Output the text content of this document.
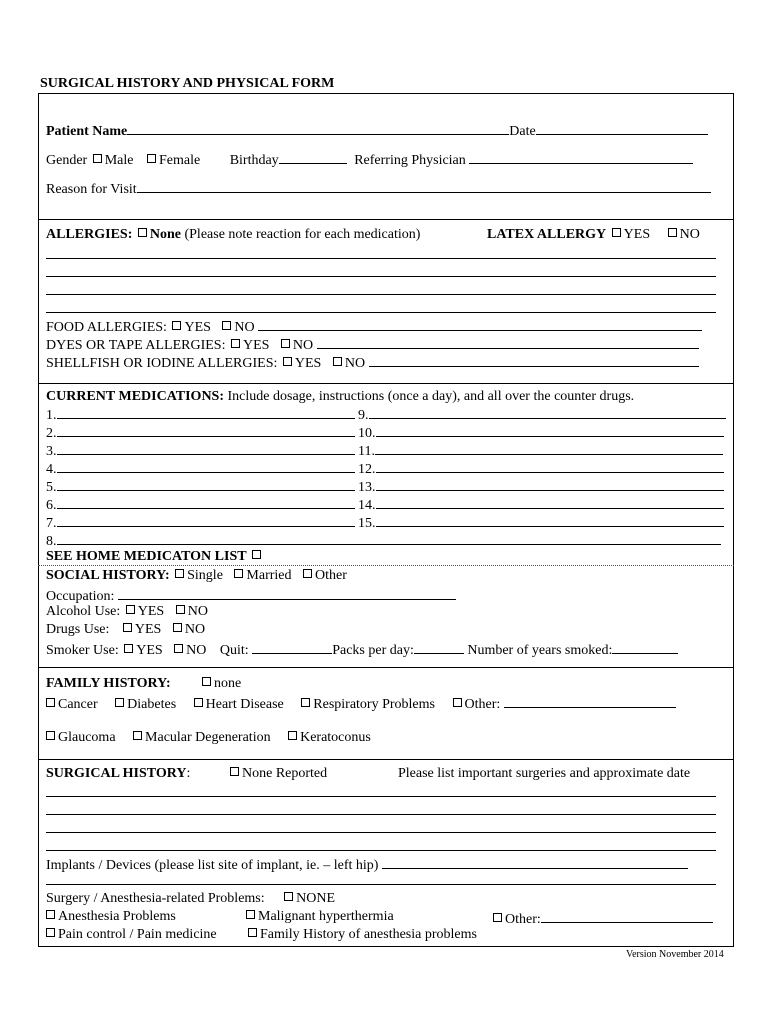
SURGICAL HISTORY AND PHYSICAL FORM
Patient Name	Date
Gender Male Female Birthday	Referring Physician
Reason for Visit
ALLERGIES: None (Please note reaction for each medication)	LATEX ALLERGY YES NO
FOOD ALLERGIES: YES NO
DYES OR TAPE ALLERGIES: YES NO
SHELLFISH OR IODINE ALLERGIES: YES NO
CURRENT MEDICATIONS: Include dosage, instructions (once a day), and all over the counter drugs.
1.	9.
2.	10.
3.	11.
4.	12.
5.	13.
6.	14.
7.	15.
8.
SEE HOME MEDICATON LIST
SOCIAL HISTORY: Single Married Other
Occupation:
Alcohol Use: YES NO
Drugs Use: YES NO
Smoker Use: YES NO Quit:	Packs per day:	Number of years smoked:
FAMILY HISTORY:	none
Cancer Diabetes Heart Disease Respiratory Problems Other:
Glaucoma Macular Degeneration Keratoconus
SURGICAL HISTORY:	None Reported	Please list important surgeries and approximate date
Implants / Devices (please list site of implant, ie. – left hip)
Surgery / Anesthesia-related Problems: NONE
Anesthesia Problems	Malignant hyperthermia	Other:
Pain control / Pain medicine	Family History of anesthesia problems
Version November 2014
